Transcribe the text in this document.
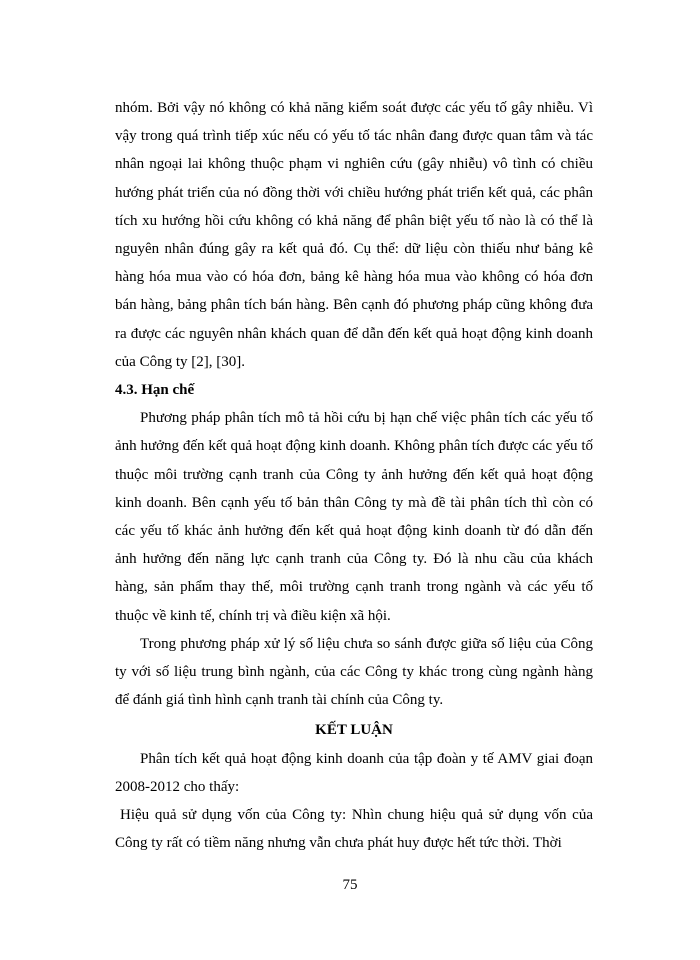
nhóm. Bởi vậy nó không có khả năng kiểm soát được các yếu tố gây nhiễu. Vì vậy trong quá trình tiếp xúc nếu có yếu tố tác nhân đang được quan tâm và tác nhân ngoại lai không thuộc phạm vi nghiên cứu (gây nhiễu) vô tình có chiều hướng phát triển của nó đồng thời với chiều hướng phát triển kết quả, các phân tích xu hướng hồi cứu không có khả năng để phân biệt yếu tố nào là có thể là nguyên nhân đúng gây ra kết quả đó. Cụ thể: dữ liệu còn thiếu như bảng kê hàng hóa mua vào có hóa đơn, bảng kê hàng hóa mua vào không có hóa đơn bán hàng, bảng phân tích bán hàng. Bên cạnh đó phương pháp cũng không đưa ra được các nguyên nhân khách quan để dẫn đến kết quả hoạt động kinh doanh của Công ty [2], [30].

4.3. Hạn chế

Phương pháp phân tích mô tả hồi cứu bị hạn chế việc phân tích các yếu tố ảnh hưởng đến kết quả hoạt động kinh doanh. Không phân tích được các yếu tố thuộc môi trường cạnh tranh của Công ty ảnh hưởng đến kết quả hoạt động kinh doanh. Bên cạnh yếu tố bản thân Công ty mà đề tài phân tích thì còn có các yếu tố khác ảnh hưởng đến kết quả hoạt động kinh doanh từ đó dẫn đến ảnh hưởng đến năng lực cạnh tranh của Công ty. Đó là nhu cầu của khách hàng, sản phẩm thay thế, môi trường cạnh tranh trong ngành và các yếu tố thuộc về kinh tế, chính trị và điều kiện xã hội.

Trong phương pháp xử lý số liệu chưa so sánh được giữa số liệu của Công ty với số liệu trung bình ngành, của các Công ty khác trong cùng ngành hàng để đánh giá tình hình cạnh tranh tài chính của Công ty.

KẾT LUẬN

Phân tích kết quả hoạt động kinh doanh của tập đoàn y tế AMV giai đoạn 2008-2012 cho thấy:

Hiệu quả sử dụng vốn của Công ty: Nhìn chung hiệu quả sử dụng vốn của Công ty rất có tiềm năng nhưng vẫn chưa phát huy được hết tức thời. Thời

75
